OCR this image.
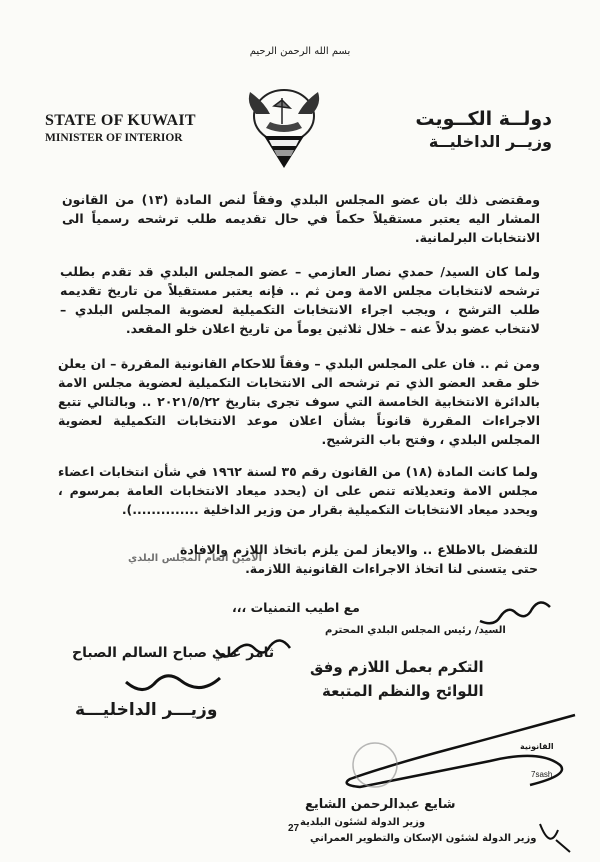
بسم الله الرحمن الرحيم
STATE OF KUWAIT
MINISTER OF INTERIOR
دولــة الكــويت
وزيــر الداخليــة
ومقتضى ذلك بان عضو المجلس البلدي وفقاً لنص المادة (١٣) من القانون المشار اليه يعتبر مستقيلاً حكماً في حال تقديمه طلب ترشحه رسمياً الى الانتخابات البرلمانية.
ولما كان السيد/ حمدي نصار العازمي – عضو المجلس البلدي قد تقدم بطلب ترشحه لانتخابات مجلس الامة ومن ثم .. فإنه يعتبر مستقيلاً من تاريخ تقديمه طلب الترشح ، ويجب اجراء الانتخابات التكميلية لعضوية المجلس البلدي – لانتخاب عضو بدلاً عنه – خلال ثلاثين يوماً من تاريخ اعلان خلو المقعد.
ومن ثم .. فان على المجلس البلدي – وفقاً للاحكام القانونية المقررة – ان يعلن خلو مقعد العضو الذي تم ترشحه الى الانتخابات التكميلية لعضوية مجلس الامة بالدائرة الانتخابية الخامسة التي سوف تجرى بتاريخ ٢٠٢١/٥/٢٢ .. وبالتالي تتبع الاجراءات المقررة قانوناً بشأن اعلان موعد الانتخابات التكميلية لعضوية المجلس البلدي ، وفتح باب الترشيح.
ولما كانت المادة (١٨) من القانون رقم ٣٥ لسنة ١٩٦٢ في شأن انتخابات اعضاء مجلس الامة وتعديلاته تنص على ان (يحدد ميعاد الانتخابات العامة بمرسوم ، ويحدد ميعاد الانتخابات التكميلية بقرار من وزير الداخلية ..............).
للتفضل بالاطلاع .. والايعاز لمن يلزم باتخاذ اللازم والافادة حتى يتسنى لنا اتخاذ الاجراءات القانونية اللازمة.
الامين العام المجلس البلدي
مع اطيب التمنيات ،،،
السيد/ رئيس المجلس البلدي المحترم
التكرم بعمل اللازم وفق
اللوائح والنظم المتبعة
ثامر علي صباح السالم الصباح
وزيـــر الداخليـــة
القانونية
7sash
شايع عبدالرحمن الشايع
وزير الدولة لشئون البلدية
وزير الدولة لشئون الإسكان والتطوير العمراني
27
